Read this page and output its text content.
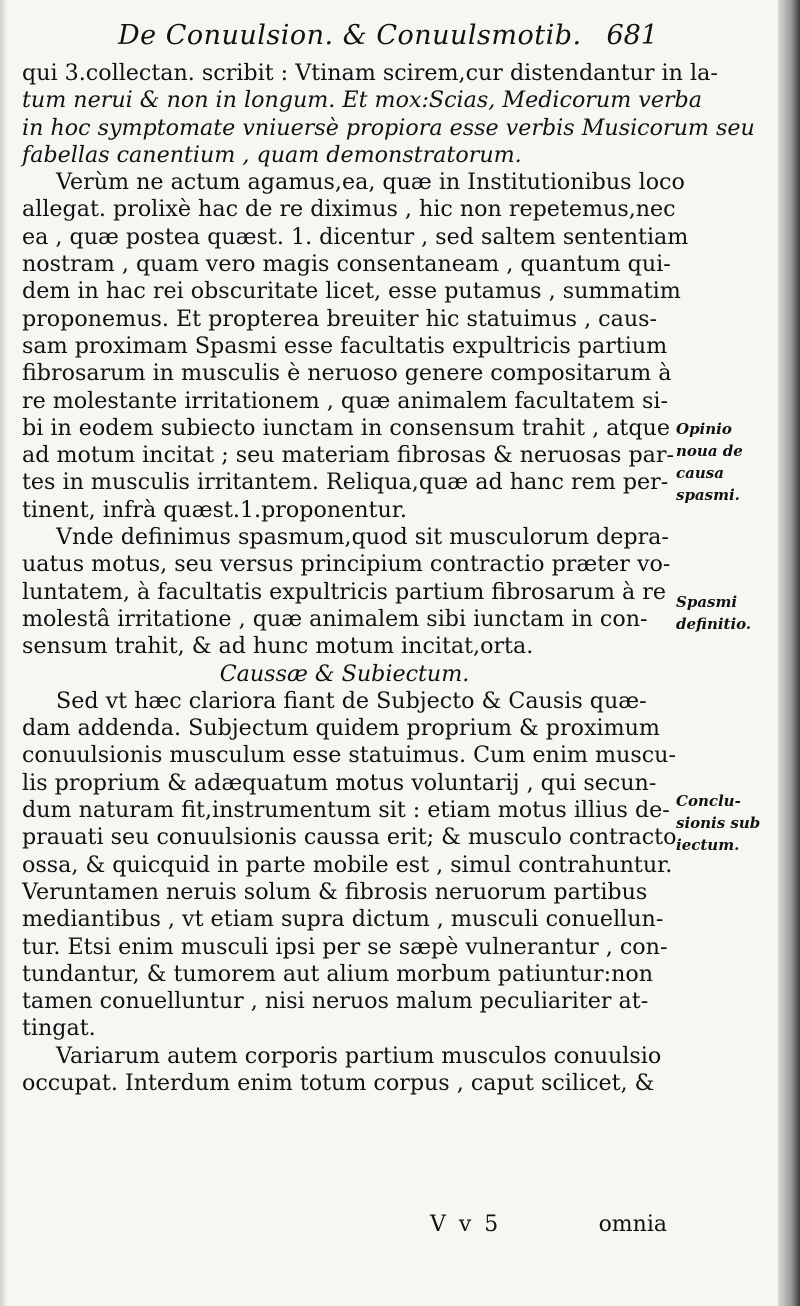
De Conuulsion. & Conuulsmotib. 681
qui 3.collectan. scribit : Vtinam scirem,cur distendantur in la-
tum nerui & non in longum. Et mox:Scias, Medicorum verba
in hoc symptomate vniuersè propiora esse verbis Musicorum seu
fabellas canentium , quam demonstratorum.
Verùm ne actum agamus,ea, quæ in Institutionibus loco
allegat. prolixè hac de re diximus , hic non repetemus,nec
ea , quæ postea quæst. 1. dicentur , sed saltem sententiam
nostram , quam vero magis consentaneam , quantum qui-
dem in hac rei obscuritate licet, esse putamus , summatim
proponemus. Et propterea breuiter hic statuimus , caus-
sam proximam Spasmi esse facultatis expultricis partium
fibrosarum in musculis è neruoso genere compositarum à
re molestante irritationem , quæ animalem facultatem si-
bi in eodem subiecto iunctam in consensum trahit , atque
ad motum incitat ; seu materiam fibrosas & neruosas par-
tes in musculis irritantem. Reliqua,quæ ad hanc rem per-
tinent, infrà quæst.1.proponentur.
Vnde definimus spasmum,quod sit musculorum depra-
uatus motus, seu versus principium contractio præter vo-
luntatem, à facultatis expultricis partium fibrosarum à re
molestâ irritatione , quæ animalem sibi iunctam in con-
sensum trahit, & ad hunc motum incitat,orta.
Caussæ & Subiectum.
Sed vt hæc clariora fiant de Subjecto & Causis quæ-
dam addenda. Subjectum quidem proprium & proximum
conuulsionis musculum esse statuimus. Cum enim muscu-
lis proprium & adæquatum motus voluntarij , qui secun-
dum naturam fit,instrumentum sit : etiam motus illius de-
prauati seu conuulsionis caussa erit; & musculo contracto
ossa, & quicquid in parte mobile est , simul contrahuntur.
Veruntamen neruis solum & fibrosis neruorum partibus
mediantibus , vt etiam supra dictum , musculi conuellun-
tur. Etsi enim musculi ipsi per se sæpè vulnerantur , con-
tundantur, & tumorem aut alium morbum patiuntur:non
tamen conuelluntur , nisi neruos malum peculiariter at-
tingat.
Variarum autem corporis partium musculos conuulsio
occupat. Interdum enim totum corpus , caput scilicet, &
Opinio
noua de
causa
spasmi.
Spasmi
definitio.
Conclu-
sionis sub
iectum.
V v 5	omnia
